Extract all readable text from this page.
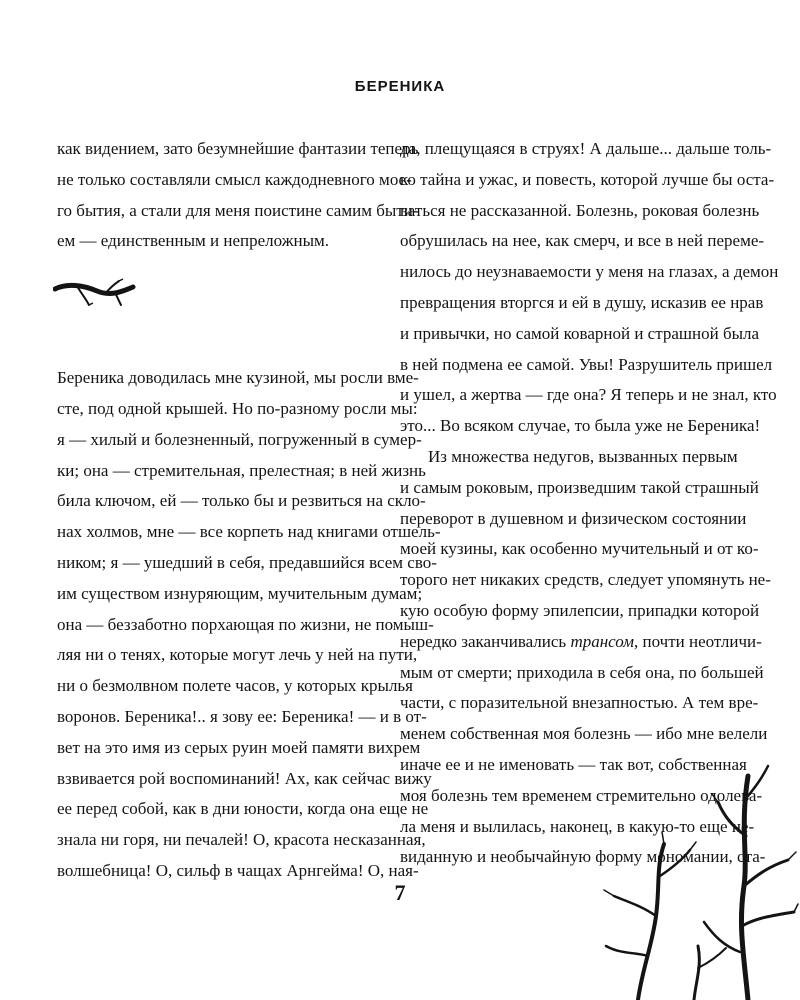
БЕРЕНИКА
как видением, зато безумнейшие фантазии теперь
не только составляли смысл каждодневного мое-
го бытия, а стали для меня поистине самим быти-
ем — единственным и непреложным.
Береника доводилась мне кузиной, мы росли вме-
сте, под одной крышей. Но по-разному росли мы:
я — хилый и болезненный, погруженный в сумер-
ки; она — стремительная, прелестная; в ней жизнь
била ключом, ей — только бы и резвиться на скло-
нах холмов, мне — все корпеть над книгами отшель-
ником; я — ушедший в себя, предавшийся всем сво-
им существом изнуряющим, мучительным думам;
она — беззаботно порхающая по жизни, не помыш-
ляя ни о тенях, которые могут лечь у ней на пути,
ни о безмолвном полете часов, у которых крылья
воронов. Береника!.. я зову ее: Береника! — и в от-
вет на это имя из серых руин моей памяти вихрем
взвивается рой воспоминаний! Ах, как сейчас вижу
ее перед собой, как в дни юности, когда она еще не
знала ни горя, ни печалей! О, красота несказанная,
волшебница! О, сильф в чащах Арнгейма! О, ная-
да, плещущаяся в струях! А дальше... дальше толь-
ко тайна и ужас, и повесть, которой лучше бы оста-
ваться не рассказанной. Болезнь, роковая болезнь
обрушилась на нее, как смерч, и все в ней переме-
нилось до неузнаваемости у меня на глазах, а демон
превращения вторгся и ей в душу, исказив ее нрав
и привычки, но самой коварной и страшной была
в ней подмена ее самой. Увы! Разрушитель пришел
и ушел, а жертва — где она? Я теперь и не знал, кто
это... Во всяком случае, то была уже не Береника!
Из множества недугов, вызванных первым
и самым роковым, произведшим такой страшный
переворот в душевном и физическом состоянии
моей кузины, как особенно мучительный и от ко-
торого нет никаких средств, следует упомянуть не-
кую особую форму эпилепсии, припадки которой
нередко заканчивались трансом, почти неотличи-
мым от смерти; приходила в себя она, по большей
части, с поразительной внезапностью. А тем вре-
менем собственная моя болезнь — ибо мне велели
иначе ее и не именовать — так вот, собственная
моя болезнь тем временем стремительно одолева-
ла меня и вылилась, наконец, в какую-то еще не-
виданную и необычайную форму мономании, ста-
7
